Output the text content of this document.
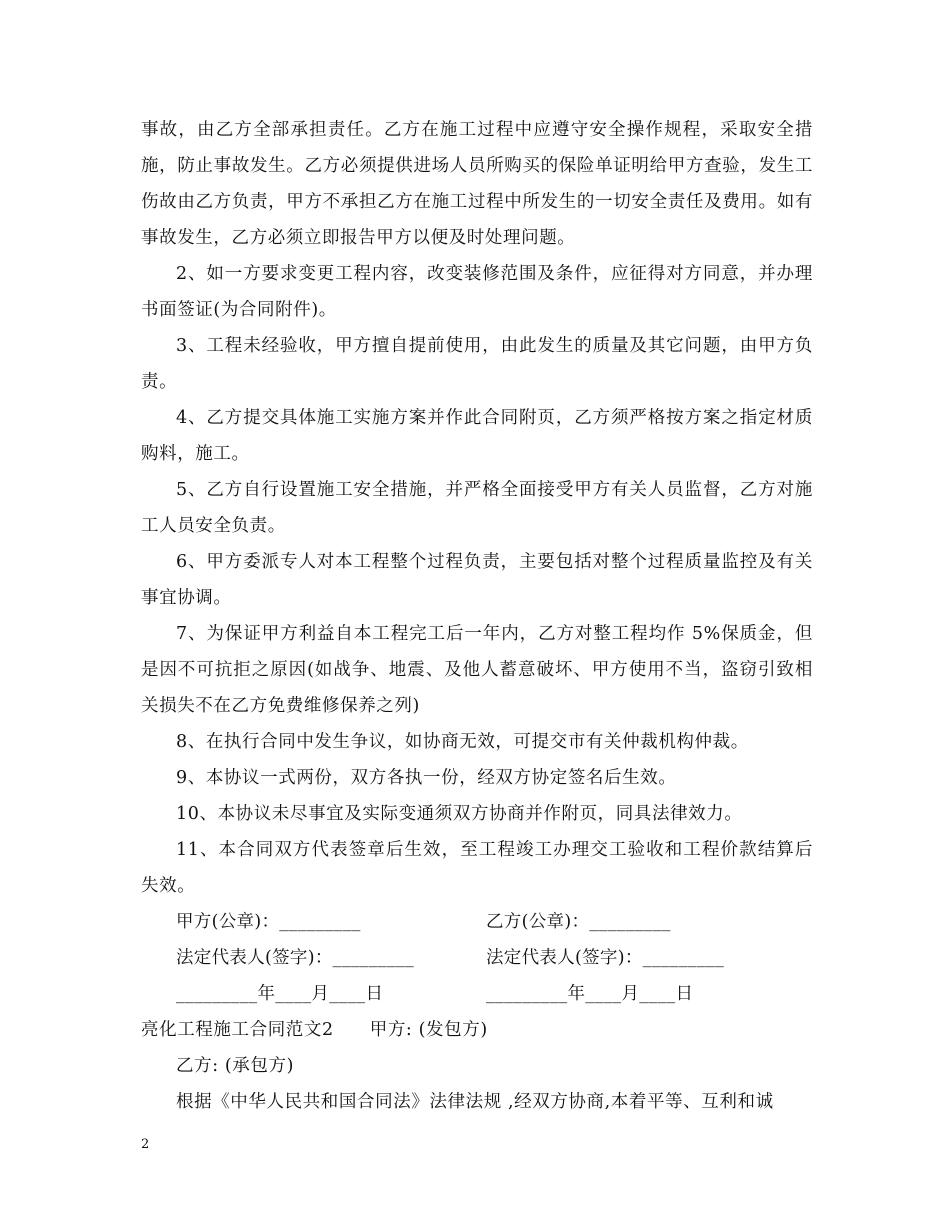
事故，由乙方全部承担责任。乙方在施工过程中应遵守安全操作规程，采取安全措施，防止事故发生。乙方必须提供进场人员所购买的保险单证明给甲方查验，发生工伤故由乙方负责，甲方不承担乙方在施工过程中所发生的一切安全责任及费用。如有事故发生，乙方必须立即报告甲方以便及时处理问题。

2、如一方要求变更工程内容，改变装修范围及条件，应征得对方同意，并办理书面签证(为合同附件)。

3、工程未经验收，甲方擅自提前使用，由此发生的质量及其它问题，由甲方负责。

4、乙方提交具体施工实施方案并作此合同附页，乙方须严格按方案之指定材质购料，施工。

5、乙方自行设置施工安全措施，并严格全面接受甲方有关人员监督，乙方对施工人员安全负责。

6、甲方委派专人对本工程整个过程负责，主要包括对整个过程质量监控及有关事宜协调。

7、为保证甲方利益自本工程完工后一年内，乙方对整工程均作 5%保质金，但是因不可抗拒之原因(如战争、地震、及他人蓄意破坏、甲方使用不当，盗窃引致相关损失不在乙方免费维修保养之列)

8、在执行合同中发生争议，如协商无效，可提交市有关仲裁机构仲裁。

9、本协议一式两份，双方各执一份，经双方协定签名后生效。

10、本协议未尽事宜及实际变通须双方协商并作附页，同具法律效力。

11、本合同双方代表签章后生效，至工程竣工办理交工验收和工程价款结算后失效。

甲方(公章)：_________	乙方(公章)：_________
法定代表人(签字)：_________	法定代表人(签字)：_________
_________年____月____日	_________年____月____日
亮化工程施工合同范文2 甲方: (发包方)

乙方: (承包方)

根据《中华人民共和国合同法》法律法规 ,经双方协商,本着平等、互利和诚

2
